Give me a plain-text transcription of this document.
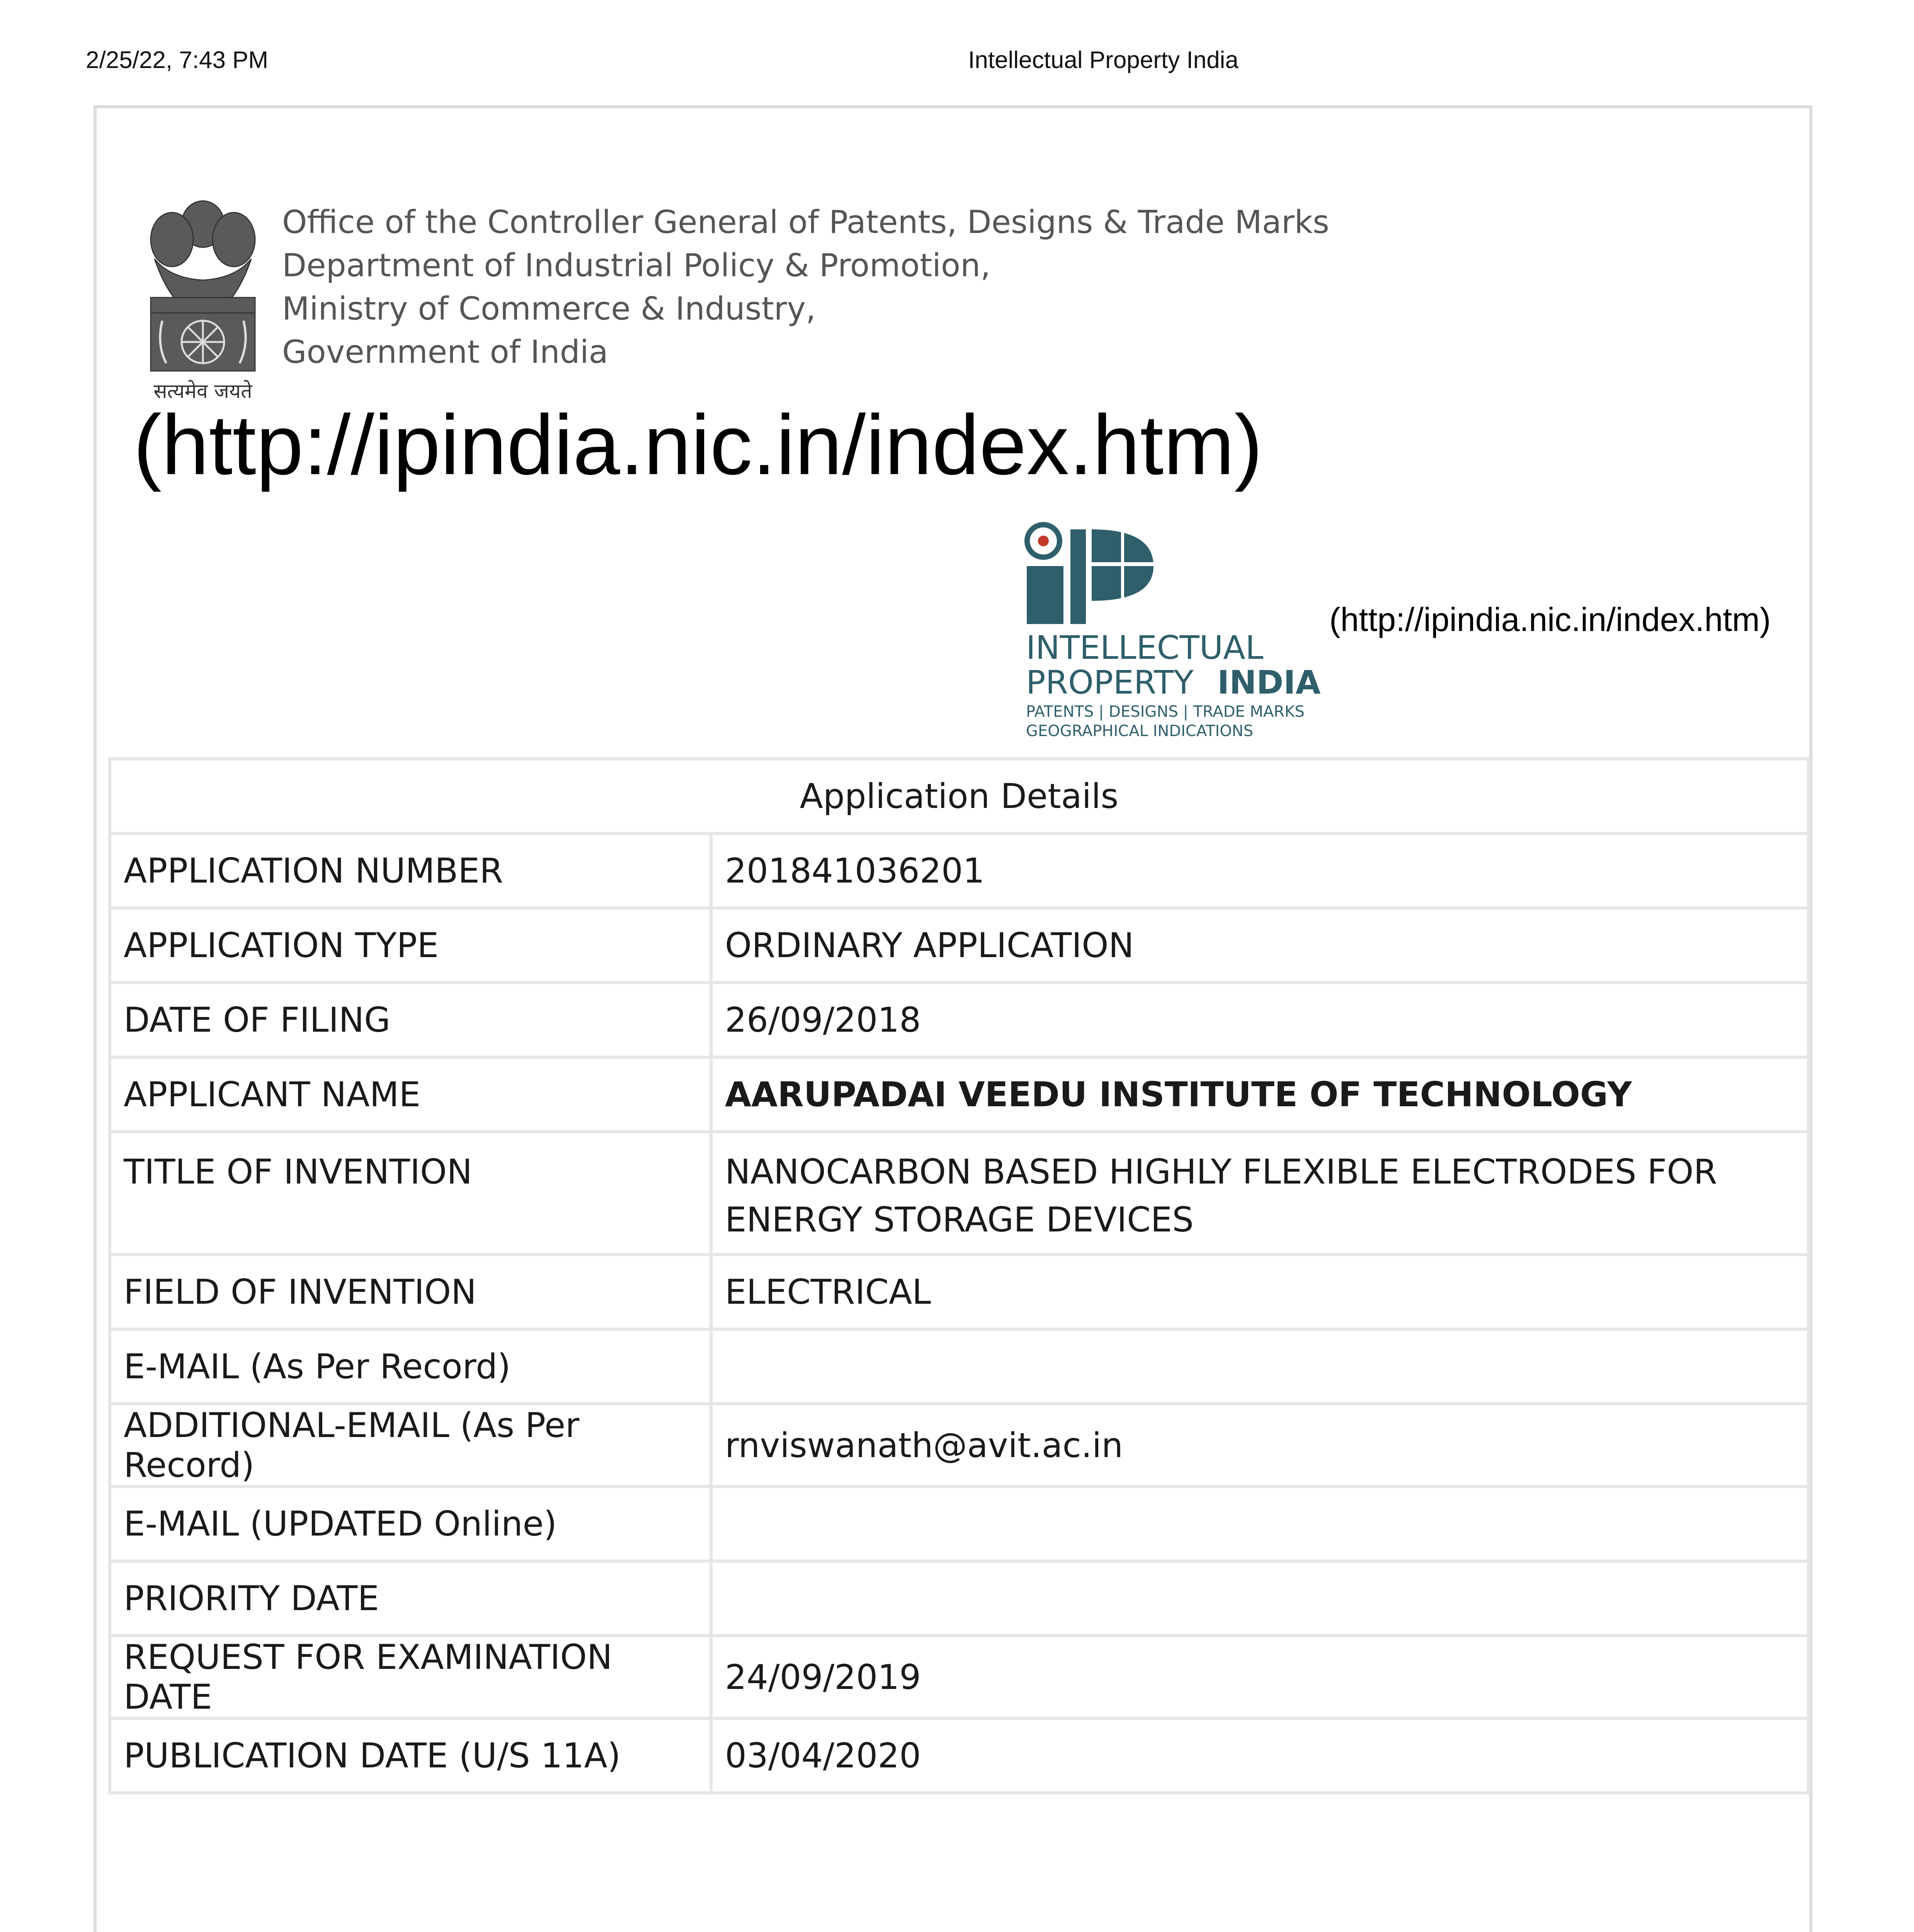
2/25/22, 7:43 PM	Intellectual Property India
सत्यमेव जयते
Office of the Controller General of Patents, Designs & Trade Marks
Department of Industrial Policy & Promotion,
Ministry of Commerce & Industry,
Government of India
(http://ipindia.nic.in/index.htm)
INTELLECTUAL
PROPERTY INDIA
PATENTS | DESIGNS | TRADE MARKS
GEOGRAPHICAL INDICATIONS
(http://ipindia.nic.in/index.htm)
Application Details	
APPLICATION NUMBER	201841036201
APPLICATION TYPE	ORDINARY APPLICATION
DATE OF FILING	26/09/2018
APPLICANT NAME	AARUPADAI VEEDU INSTITUTE OF TECHNOLOGY
TITLE OF INVENTION	NANOCARBON BASED HIGHLY FLEXIBLE ELECTRODES FOR ENERGY STORAGE DEVICES
FIELD OF INVENTION	ELECTRICAL
E-MAIL (As Per Record)	
ADDITIONAL-EMAIL (As Per Record)	rnviswanath@avit.ac.in
E-MAIL (UPDATED Online)	
PRIORITY DATE	
REQUEST FOR EXAMINATION DATE	24/09/2019
PUBLICATION DATE (U/S 11A)	03/04/2020
